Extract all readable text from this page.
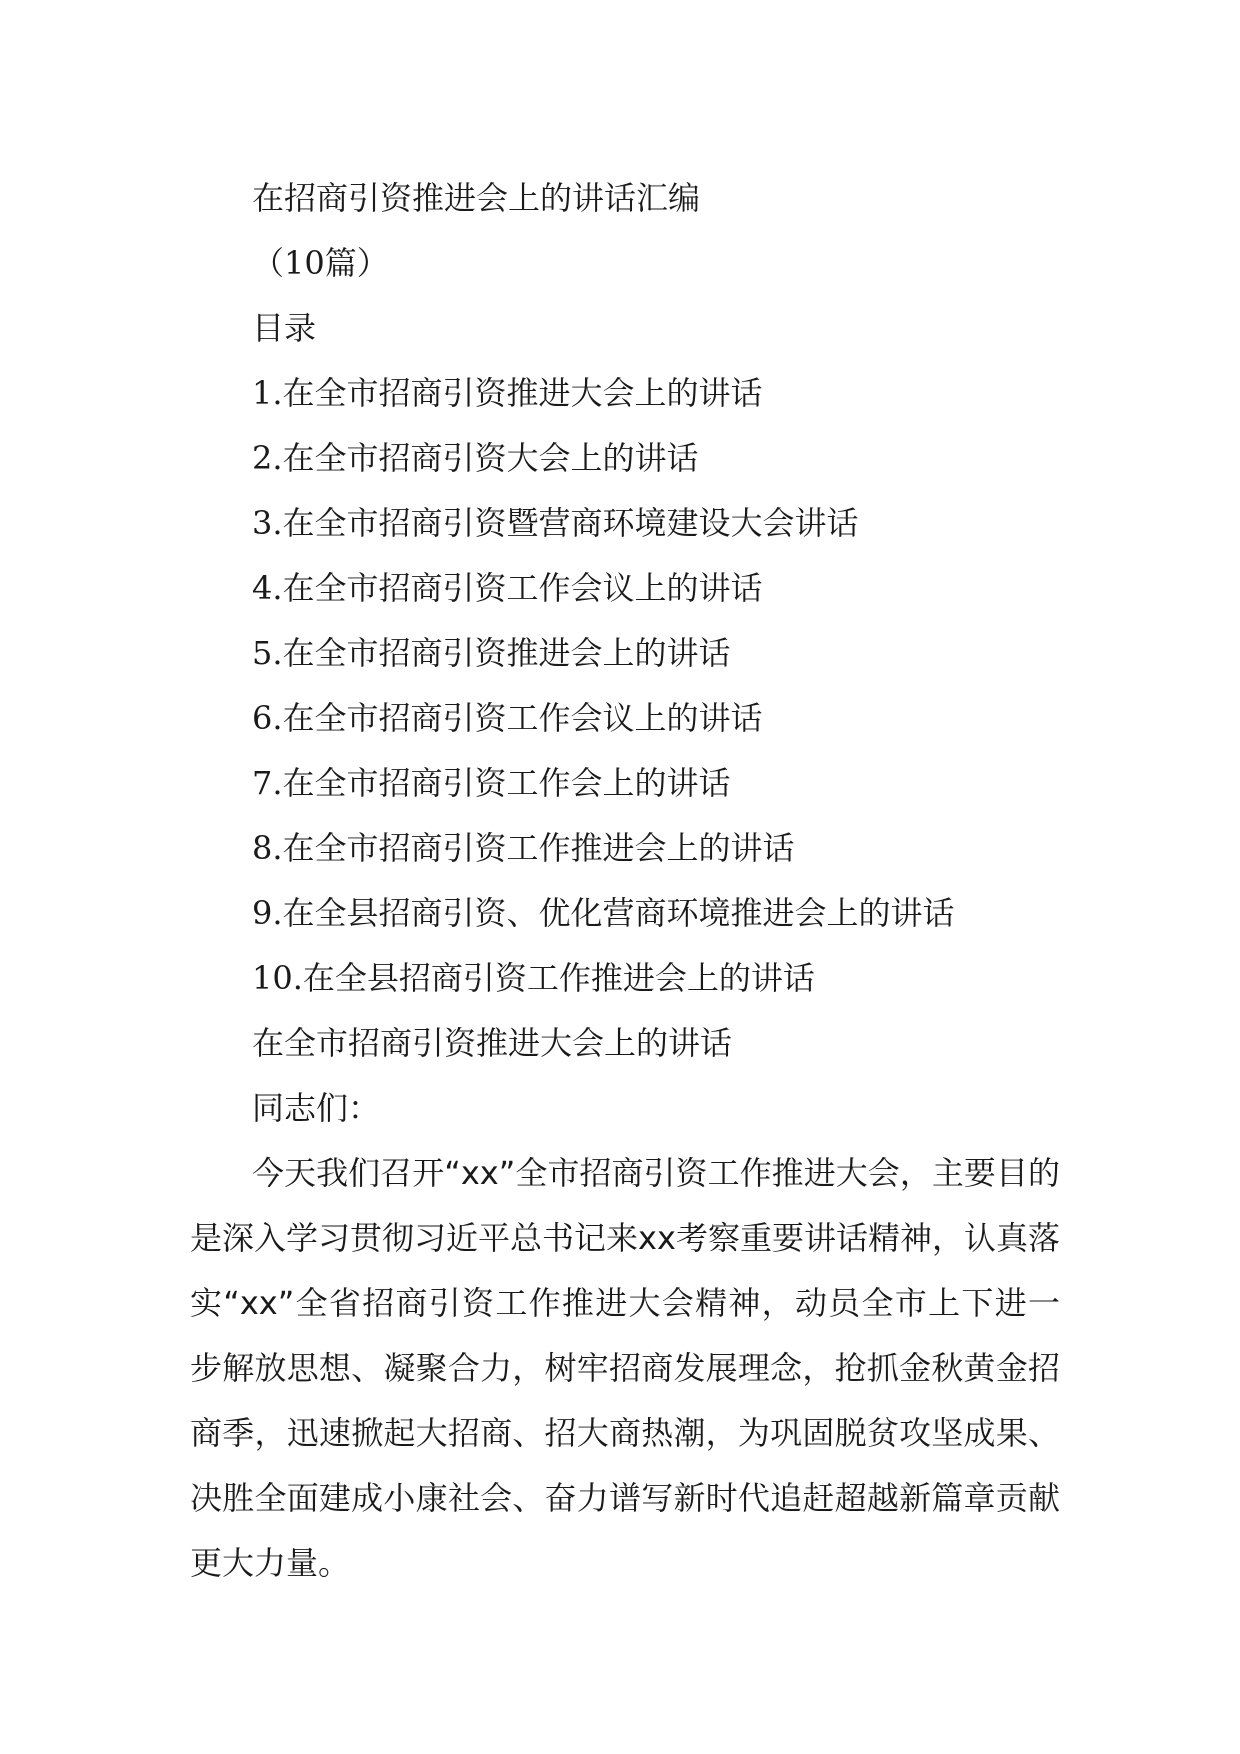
在招商引资推进会上的讲话汇编
（10篇）
目录
1.在全市招商引资推进大会上的讲话
2.在全市招商引资大会上的讲话
3.在全市招商引资暨营商环境建设大会讲话
4.在全市招商引资工作会议上的讲话
5.在全市招商引资推进会上的讲话
6.在全市招商引资工作会议上的讲话
7.在全市招商引资工作会上的讲话
8.在全市招商引资工作推进会上的讲话
9.在全县招商引资、优化营商环境推进会上的讲话
10.在全县招商引资工作推进会上的讲话
在全市招商引资推进大会上的讲话
同志们：

今天我们召开“xx”全市招商引资工作推进大会，主要目的是深入学习贯彻习近平总书记来xx考察重要讲话精神，认真落实“xx”全省招商引资工作推进大会精神，动员全市上下进一步解放思想、凝聚合力，树牢招商发展理念，抢抓金秋黄金招商季，迅速掀起大招商、招大商热潮，为巩固脱贫攻坚成果、决胜全面建成小康社会、奋力谱写新时代追赶超越新篇章贡献更大力量。
